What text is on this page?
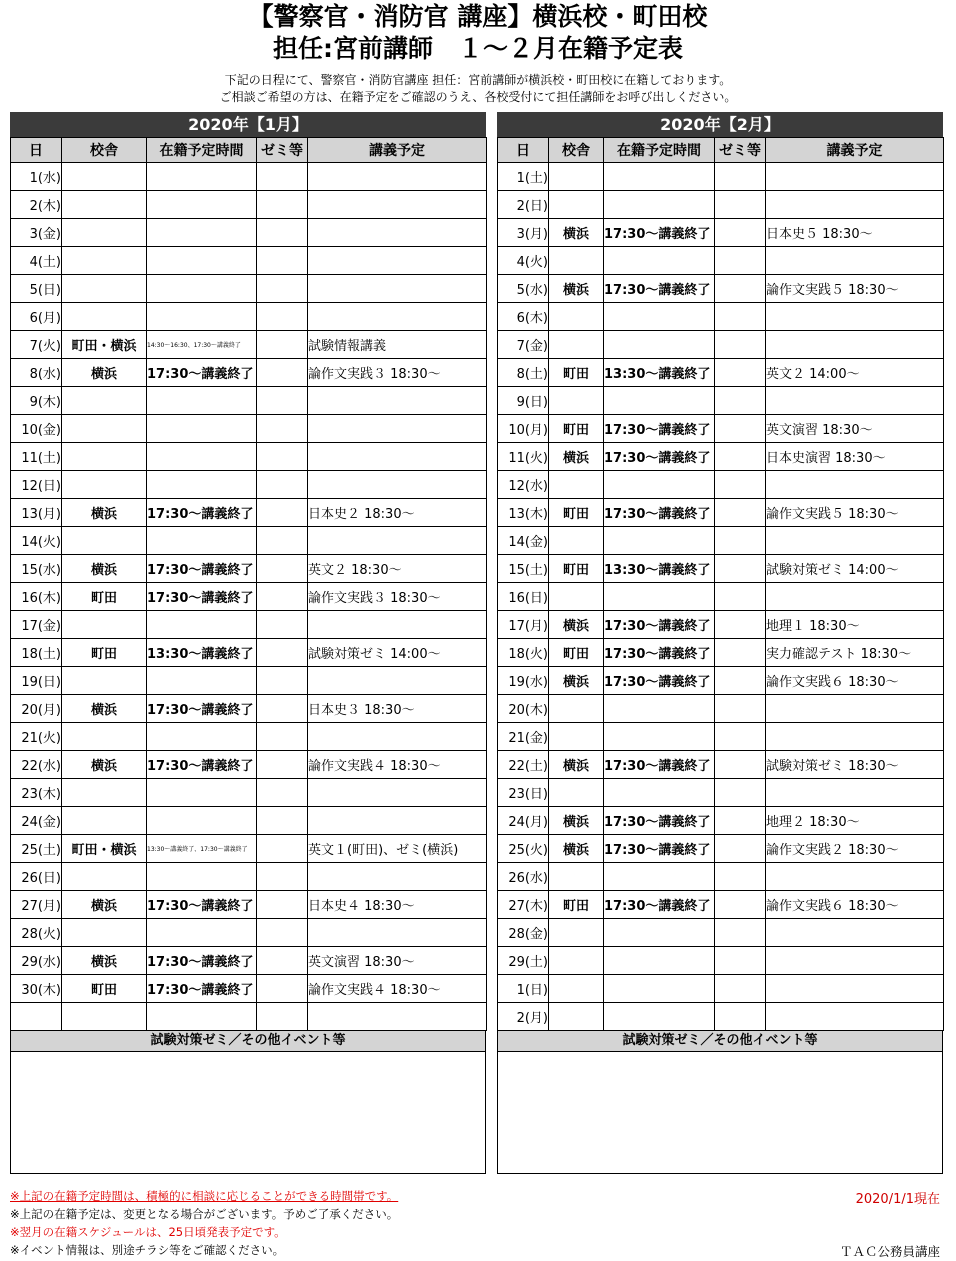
【警察官・消防官 講座】横浜校・町田校
担任:宮前講師　１～２月在籍予定表
下記の日程にて、警察官・消防官講座 担任：宮前講師が横浜校・町田校に在籍しております。
ご相談ご希望の方は、在籍予定をご確認のうえ、各校受付にて担任講師をお呼び出しください。
2020年【1月】
日	校舎	在籍予定時間	ゼミ等	講義予定
1(水)				
2(木)				
3(金)				
4(土)				
5(日)				
6(月)				
7(火)	町田・横浜	14:30～16:30、17:30～講義終了		試験情報講義
8(水)	横浜	17:30～講義終了		論作文実践３ 18:30～
9(木)				
10(金)				
11(土)				
12(日)				
13(月)	横浜	17:30～講義終了		日本史２ 18:30～
14(火)				
15(水)	横浜	17:30～講義終了		英文２ 18:30～
16(木)	町田	17:30～講義終了		論作文実践３ 18:30～
17(金)				
18(土)	町田	13:30～講義終了		試験対策ゼミ 14:00～
19(日)				
20(月)	横浜	17:30～講義終了		日本史３ 18:30～
21(火)				
22(水)	横浜	17:30～講義終了		論作文実践４ 18:30～
23(木)				
24(金)				
25(土)	町田・横浜	13:30～講義終了、17:30～講義終了		英文１(町田)、ゼミ(横浜)
26(日)				
27(月)	横浜	17:30～講義終了		日本史４ 18:30～
28(火)				
29(水)	横浜	17:30～講義終了		英文演習 18:30～
30(木)	町田	17:30～講義終了		論作文実践４ 18:30～

試験対策ゼミ／その他イベント等
2020年【2月】
日	校舎	在籍予定時間	ゼミ等	講義予定
1(土)				
2(日)				
3(月)	横浜	17:30～講義終了		日本史５ 18:30～
4(火)				
5(水)	横浜	17:30～講義終了		論作文実践５ 18:30～
6(木)				
7(金)				
8(土)	町田	13:30～講義終了		英文２ 14:00～
9(日)				
10(月)	町田	17:30～講義終了		英文演習 18:30～
11(火)	横浜	17:30～講義終了		日本史演習 18:30～
12(水)				
13(木)	町田	17:30～講義終了		論作文実践５ 18:30～
14(金)				
15(土)	町田	13:30～講義終了		試験対策ゼミ 14:00～
16(日)				
17(月)	横浜	17:30～講義終了		地理１ 18:30～
18(火)	町田	17:30～講義終了		実力確認テスト 18:30～
19(水)	横浜	17:30～講義終了		論作文実践６ 18:30～
20(木)				
21(金)				
22(土)	横浜	17:30～講義終了		試験対策ゼミ 18:30～
23(日)				
24(月)	横浜	17:30～講義終了		地理２ 18:30～
25(火)	横浜	17:30～講義終了		論作文実践２ 18:30～
26(水)				
27(木)	町田	17:30～講義終了		論作文実践６ 18:30～
28(金)				
29(土)				
1(日)				
2(月)				
試験対策ゼミ／その他イベント等
※上記の在籍予定時間は、積極的に相談に応じることができる時間帯です。
※上記の在籍予定は、変更となる場合がございます。予めご了承ください。
※翌月の在籍スケジュールは、25日頃発表予定です。
※イベント情報は、別途チラシ等をご確認ください。
2020/1/1現在
ＴＡＣ公務員講座
